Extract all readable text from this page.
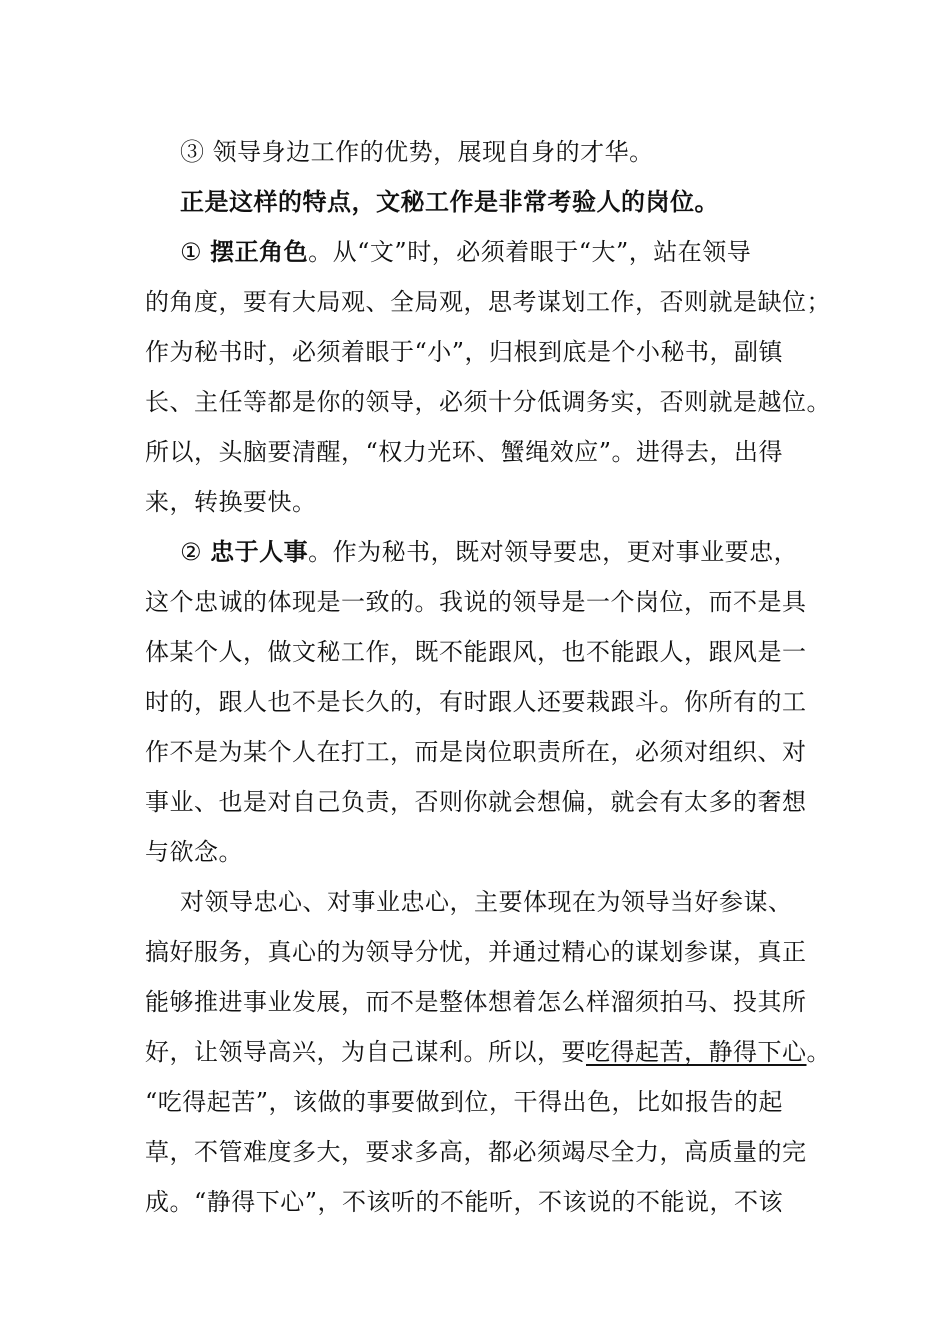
③ 领导身边工作的优势，展现自身的才华。
正是这样的特点，文秘工作是非常考验人的岗位。
① 摆正角色。从“文”时，必须着眼于“大”，站在领导
的角度，要有大局观、全局观，思考谋划工作，否则就是缺位；
作为秘书时，必须着眼于“小”，归根到底是个小秘书，副镇
长、主任等都是你的领导，必须十分低调务实，否则就是越位。
所以，头脑要清醒，“权力光环、蟹绳效应”。进得去，出得
来，转换要快。
② 忠于人事。作为秘书，既对领导要忠，更对事业要忠，
这个忠诚的体现是一致的。我说的领导是一个岗位，而不是具
体某个人，做文秘工作，既不能跟风，也不能跟人，跟风是一
时的，跟人也不是长久的，有时跟人还要栽跟斗。你所有的工
作不是为某个人在打工，而是岗位职责所在，必须对组织、对
事业、也是对自己负责，否则你就会想偏，就会有太多的奢想
与欲念。
对领导忠心、对事业忠心，主要体现在为领导当好参谋、
搞好服务，真心的为领导分忧，并通过精心的谋划参谋，真正
能够推进事业发展，而不是整体想着怎么样溜须拍马、投其所
好，让领导高兴，为自己谋利。所以，要吃得起苦，静得下心。
“吃得起苦”，该做的事要做到位，干得出色，比如报告的起
草，不管难度多大，要求多高，都必须竭尽全力，高质量的完
成。“静得下心”，不该听的不能听，不该说的不能说，不该
